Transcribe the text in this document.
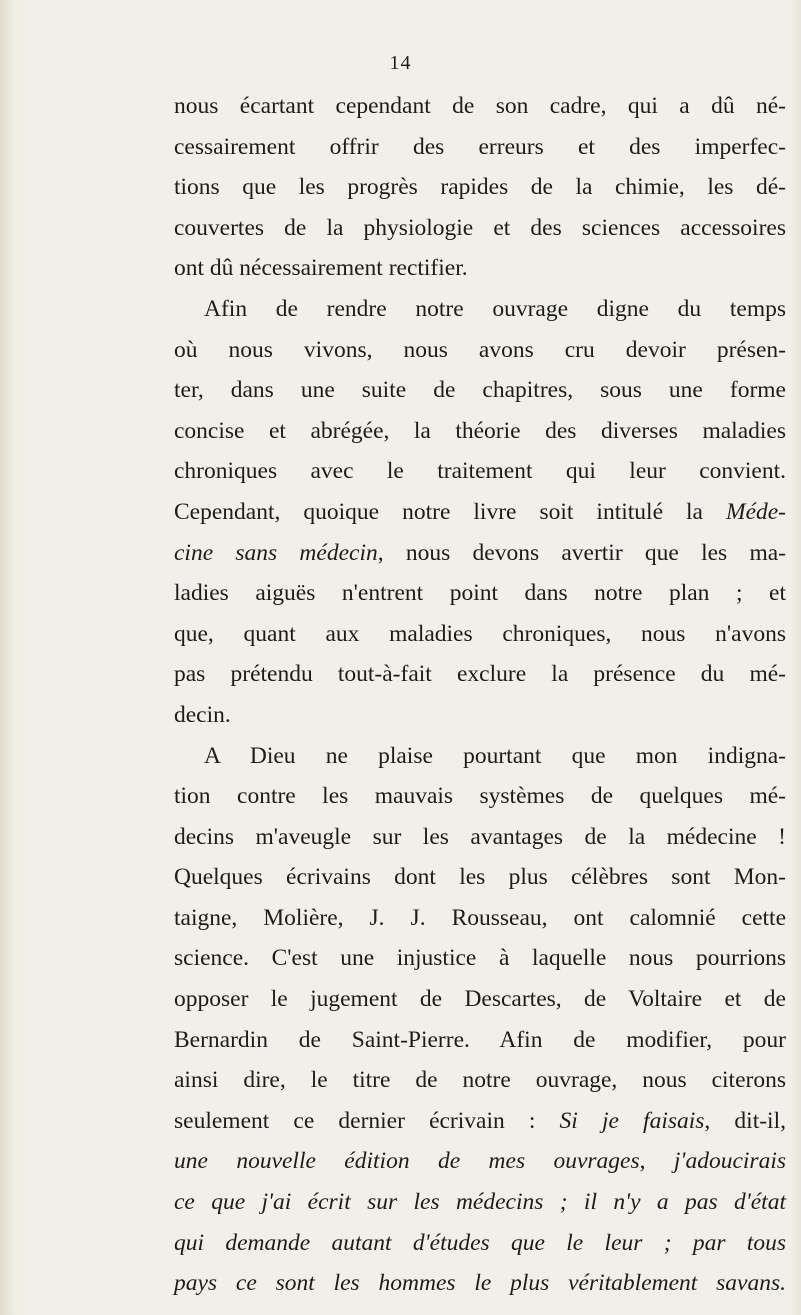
14
nous écartant cependant de son cadre, qui a dû né-
cessairement offrir des erreurs et des imperfec-
tions que les progrès rapides de la chimie, les dé-
couvertes de la physiologie et des sciences accessoires
ont dû nécessairement rectifier.
Afin de rendre notre ouvrage digne du temps
où nous vivons, nous avons cru devoir présen-
ter, dans une suite de chapitres, sous une forme
concise et abrégée, la théorie des diverses maladies
chroniques avec le traitement qui leur convient.
Cependant, quoique notre livre soit intitulé la Méde-
cine sans médecin, nous devons avertir que les ma-
ladies aiguës n'entrent point dans notre plan ; et
que, quant aux maladies chroniques, nous n'avons
pas prétendu tout-à-fait exclure la présence du mé-
decin.
A Dieu ne plaise pourtant que mon indigna-
tion contre les mauvais systèmes de quelques mé-
decins m'aveugle sur les avantages de la médecine !
Quelques écrivains dont les plus célèbres sont Mon-
taigne, Molière, J. J. Rousseau, ont calomnié cette
science. C'est une injustice à laquelle nous pourrions
opposer le jugement de Descartes, de Voltaire et de
Bernardin de Saint-Pierre. Afin de modifier, pour
ainsi dire, le titre de notre ouvrage, nous citerons
seulement ce dernier écrivain : Si je faisais, dit-il,
une nouvelle édition de mes ouvrages, j'adoucirais
ce que j'ai écrit sur les médecins ; il n'y a pas d'état
qui demande autant d'études que le leur ; par tous
pays ce sont les hommes le plus véritablement savans.
